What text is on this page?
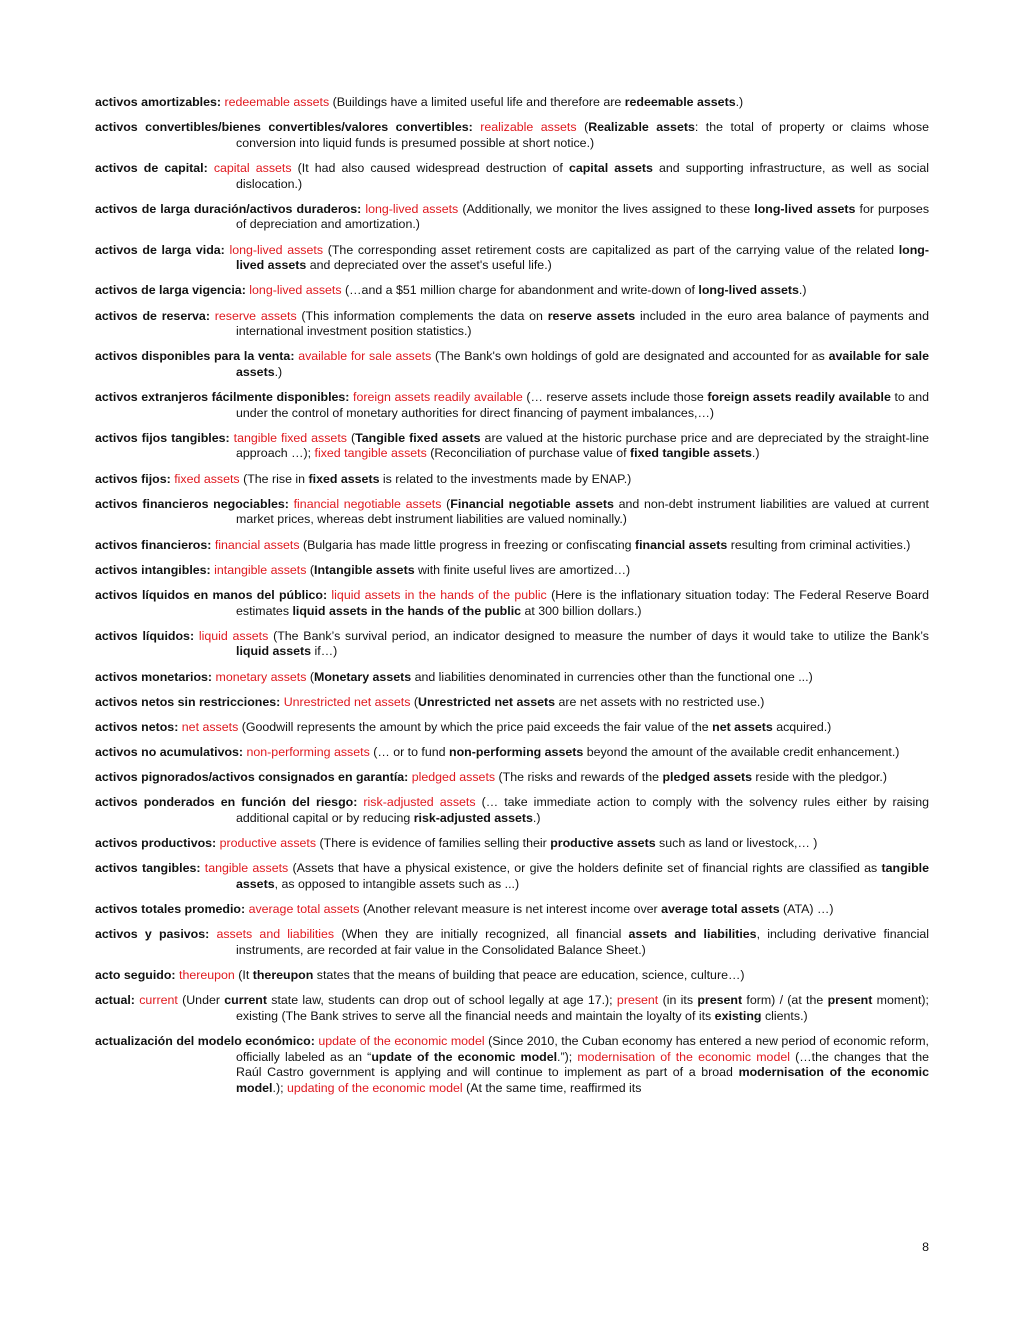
activos amortizables: redeemable assets (Buildings have a limited useful life and therefore are redeemable assets.)

activos convertibles/bienes convertibles/valores convertibles: realizable assets (Realizable assets: the total of property or claims whose conversion into liquid funds is presumed possible at short notice.)

activos de capital: capital assets (It had also caused widespread destruction of capital assets and supporting infrastructure, as well as social dislocation.)

activos de larga duración/activos duraderos: long-lived assets (Additionally, we monitor the lives assigned to these long-lived assets for purposes of depreciation and amortization.)

activos de larga vida: long-lived assets (The corresponding asset retirement costs are capitalized as part of the carrying value of the related long-lived assets and depreciated over the asset's useful life.)

activos de larga vigencia: long-lived assets (…and a $51 million charge for abandonment and write-down of long-lived assets.)

activos de reserva: reserve assets (This information complements the data on reserve assets included in the euro area balance of payments and international investment position statistics.)

activos disponibles para la venta: available for sale assets (The Bank's own holdings of gold are designated and accounted for as available for sale assets.)

activos extranjeros fácilmente disponibles: foreign assets readily available (… reserve assets include those foreign assets readily available to and under the control of monetary authorities for direct financing of payment imbalances,…)

activos fijos tangibles: tangible fixed assets (Tangible fixed assets are valued at the historic purchase price and are depreciated by the straight-line approach …); fixed tangible assets (Reconciliation of purchase value of fixed tangible assets.)

activos fijos: fixed assets (The rise in fixed assets is related to the investments made by ENAP.)

activos financieros negociables: financial negotiable assets (Financial negotiable assets and non-debt instrument liabilities are valued at current market prices, whereas debt instrument liabilities are valued nominally.)

activos financieros: financial assets (Bulgaria has made little progress in freezing or confiscating financial assets resulting from criminal activities.)

activos intangibles: intangible assets (Intangible assets with finite useful lives are amortized…)

activos líquidos en manos del público: liquid assets in the hands of the public (Here is the inflationary situation today: The Federal Reserve Board estimates liquid assets in the hands of the public at 300 billion dollars.)

activos líquidos: liquid assets (The Bank’s survival period, an indicator designed to measure the number of days it would take to utilize the Bank’s liquid assets if…)

activos monetarios: monetary assets (Monetary assets and liabilities denominated in currencies other than the functional one ...)

activos netos sin restricciones: Unrestricted net assets (Unrestricted net assets are net assets with no restricted use.)

activos netos: net assets (Goodwill represents the amount by which the price paid exceeds the fair value of the net assets acquired.)

activos no acumulativos: non-performing assets (… or to fund non-performing assets beyond the amount of the available credit enhancement.)

activos pignorados/activos consignados en garantía: pledged assets (The risks and rewards of the pledged assets reside with the pledgor.)

activos ponderados en función del riesgo: risk-adjusted assets (… take immediate action to comply with the solvency rules either by raising additional capital or by reducing risk-adjusted assets.)

activos productivos: productive assets (There is evidence of families selling their productive assets such as land or livestock,… )

activos tangibles: tangible assets (Assets that have a physical existence, or give the holders definite set of financial rights are classified as tangible assets, as opposed to intangible assets such as ...)

activos totales promedio: average total assets (Another relevant measure is net interest income over average total assets (ATA) …)

activos y pasivos: assets and liabilities (When they are initially recognized, all financial assets and liabilities, including derivative financial instruments, are recorded at fair value in the Consolidated Balance Sheet.)

acto seguido: thereupon (It thereupon states that the means of building that peace are education, science, culture…)

actual: current (Under current state law, students can drop out of school legally at age 17.); present (in its present form) / (at the present moment); existing (The Bank strives to serve all the financial needs and maintain the loyalty of its existing clients.)

actualización del modelo económico: update of the economic model (Since 2010, the Cuban economy has entered a new period of economic reform, officially labeled as an “update of the economic model.”); modernisation of the economic model (…the changes that the Raúl Castro government is applying and will continue to implement as part of a broad modernisation of the economic model.); updating of the economic model (At the same time, reaffirmed its

8
